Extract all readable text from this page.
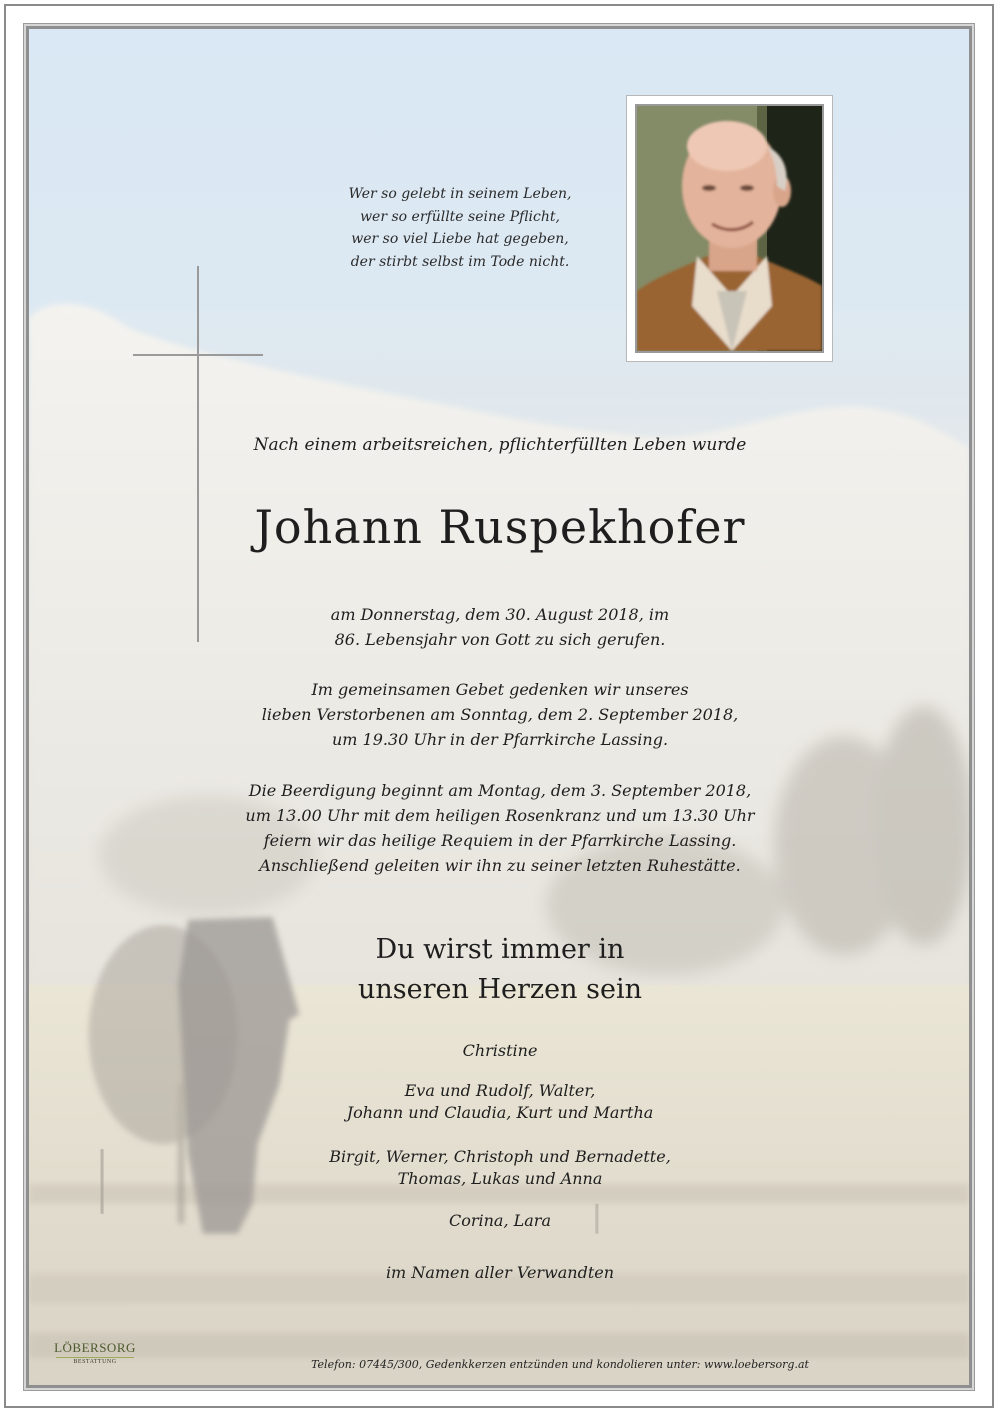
Wer so gelebt in seinem Leben,
wer so erfüllte seine Pflicht,
wer so viel Liebe hat gegeben,
der stirbt selbst im Tode nicht.
Nach einem arbeitsreichen, pflichterfüllten Leben wurde
Johann Ruspekhofer
am Donnerstag, dem 30. August 2018, im
86. Lebensjahr von Gott zu sich gerufen.
Im gemeinsamen Gebet gedenken wir unseres
lieben Verstorbenen am Sonntag, dem 2. September 2018,
um 19.30 Uhr in der Pfarrkirche Lassing.
Die Beerdigung beginnt am Montag, dem 3. September 2018,
um 13.00 Uhr mit dem heiligen Rosenkranz und um 13.30 Uhr
feiern wir das heilige Requiem in der Pfarrkirche Lassing.
Anschließend geleiten wir ihn zu seiner letzten Ruhestätte.
Du wirst immer in
unseren Herzen sein
Christine
Eva und Rudolf, Walter,
Johann und Claudia, Kurt und Martha
Birgit, Werner, Christoph und Bernadette,
Thomas, Lukas und Anna
Corina, Lara
im Namen aller Verwandten
LÖBERSORG
BESTATTUNG	Telefon: 07445/300, Gedenkkerzen entzünden und kondolieren unter: www.loebersorg.at
